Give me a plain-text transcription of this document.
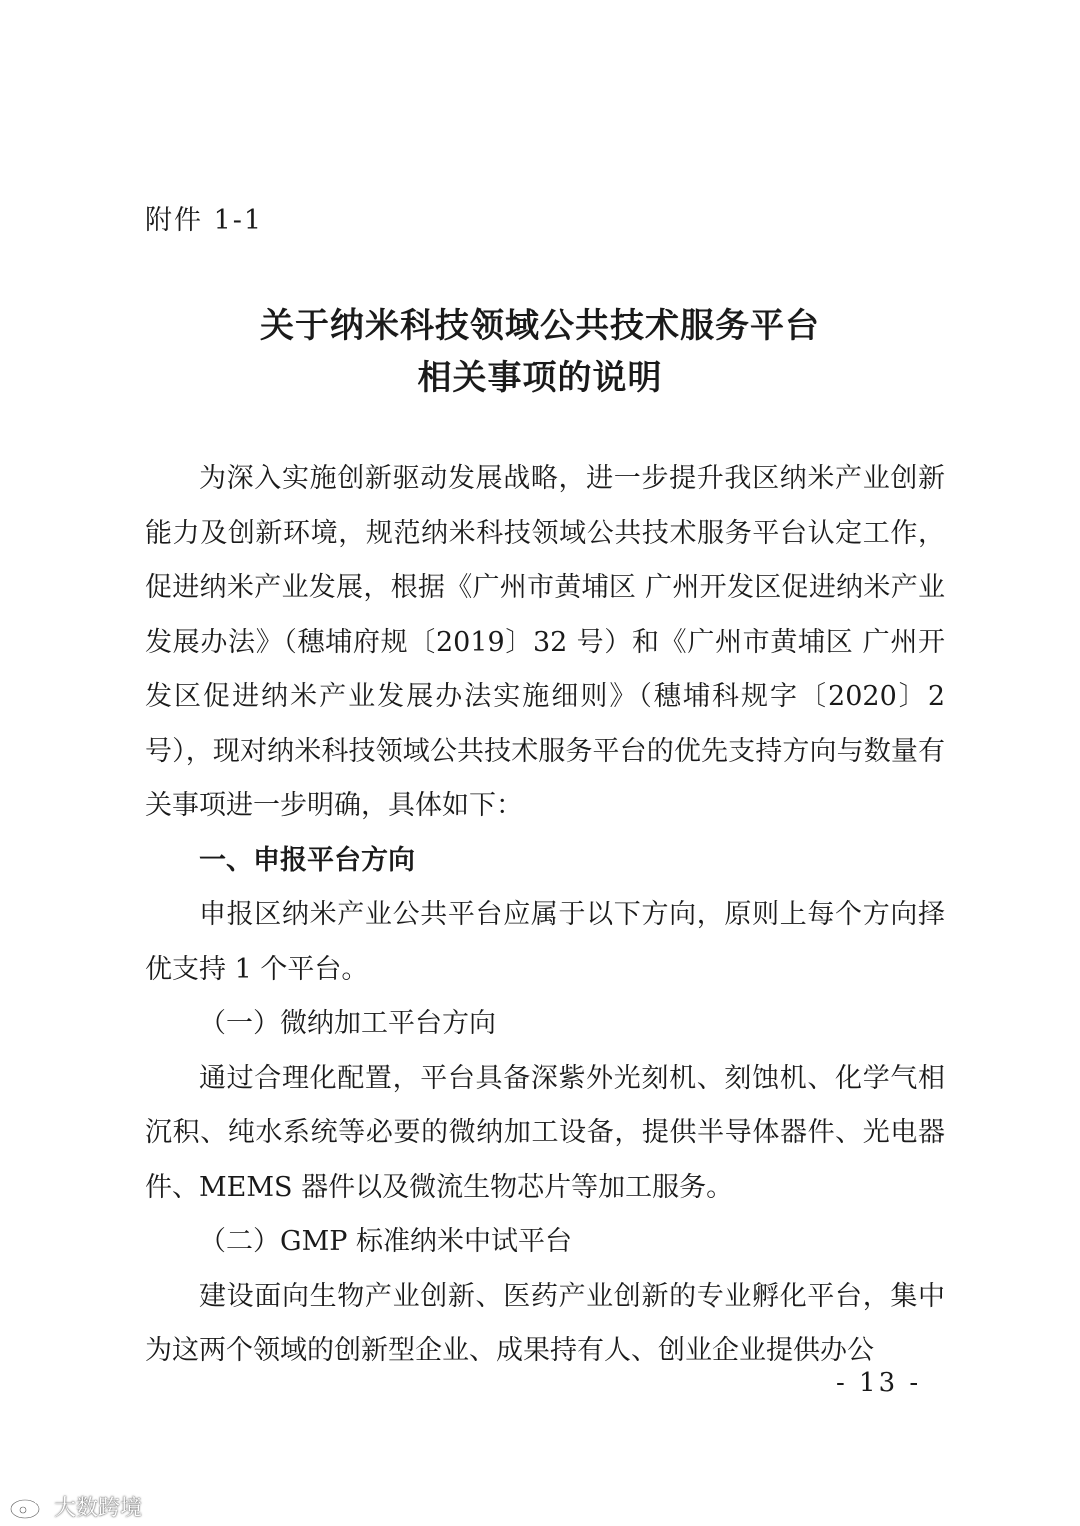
附件 1-1
关于纳米科技领域公共技术服务平台
相关事项的说明

为深入实施创新驱动发展战略，进一步提升我区纳米产业创新能力及创新环境，规范纳米科技领域公共技术服务平台认定工作，促进纳米产业发展，根据《广州市黄埔区 广州开发区促进纳米产业发展办法》（穗埔府规〔2019〕32 号）和《广州市黄埔区 广州开发区促进纳米产业发展办法实施细则》（穗埔科规字〔2020〕2 号），现对纳米科技领域公共技术服务平台的优先支持方向与数量有关事项进一步明确，具体如下：

一、申报平台方向

申报区纳米产业公共平台应属于以下方向，原则上每个方向择优支持 1 个平台。

（一）微纳加工平台方向

通过合理化配置，平台具备深紫外光刻机、刻蚀机、化学气相沉积、纯水系统等必要的微纳加工设备，提供半导体器件、光电器件、MEMS 器件以及微流生物芯片等加工服务。

（二）GMP 标准纳米中试平台

建设面向生物产业创新、医药产业创新的专业孵化平台，集中为这两个领域的创新型企业、成果持有人、创业企业提供办公

- 13 -
大数跨境
